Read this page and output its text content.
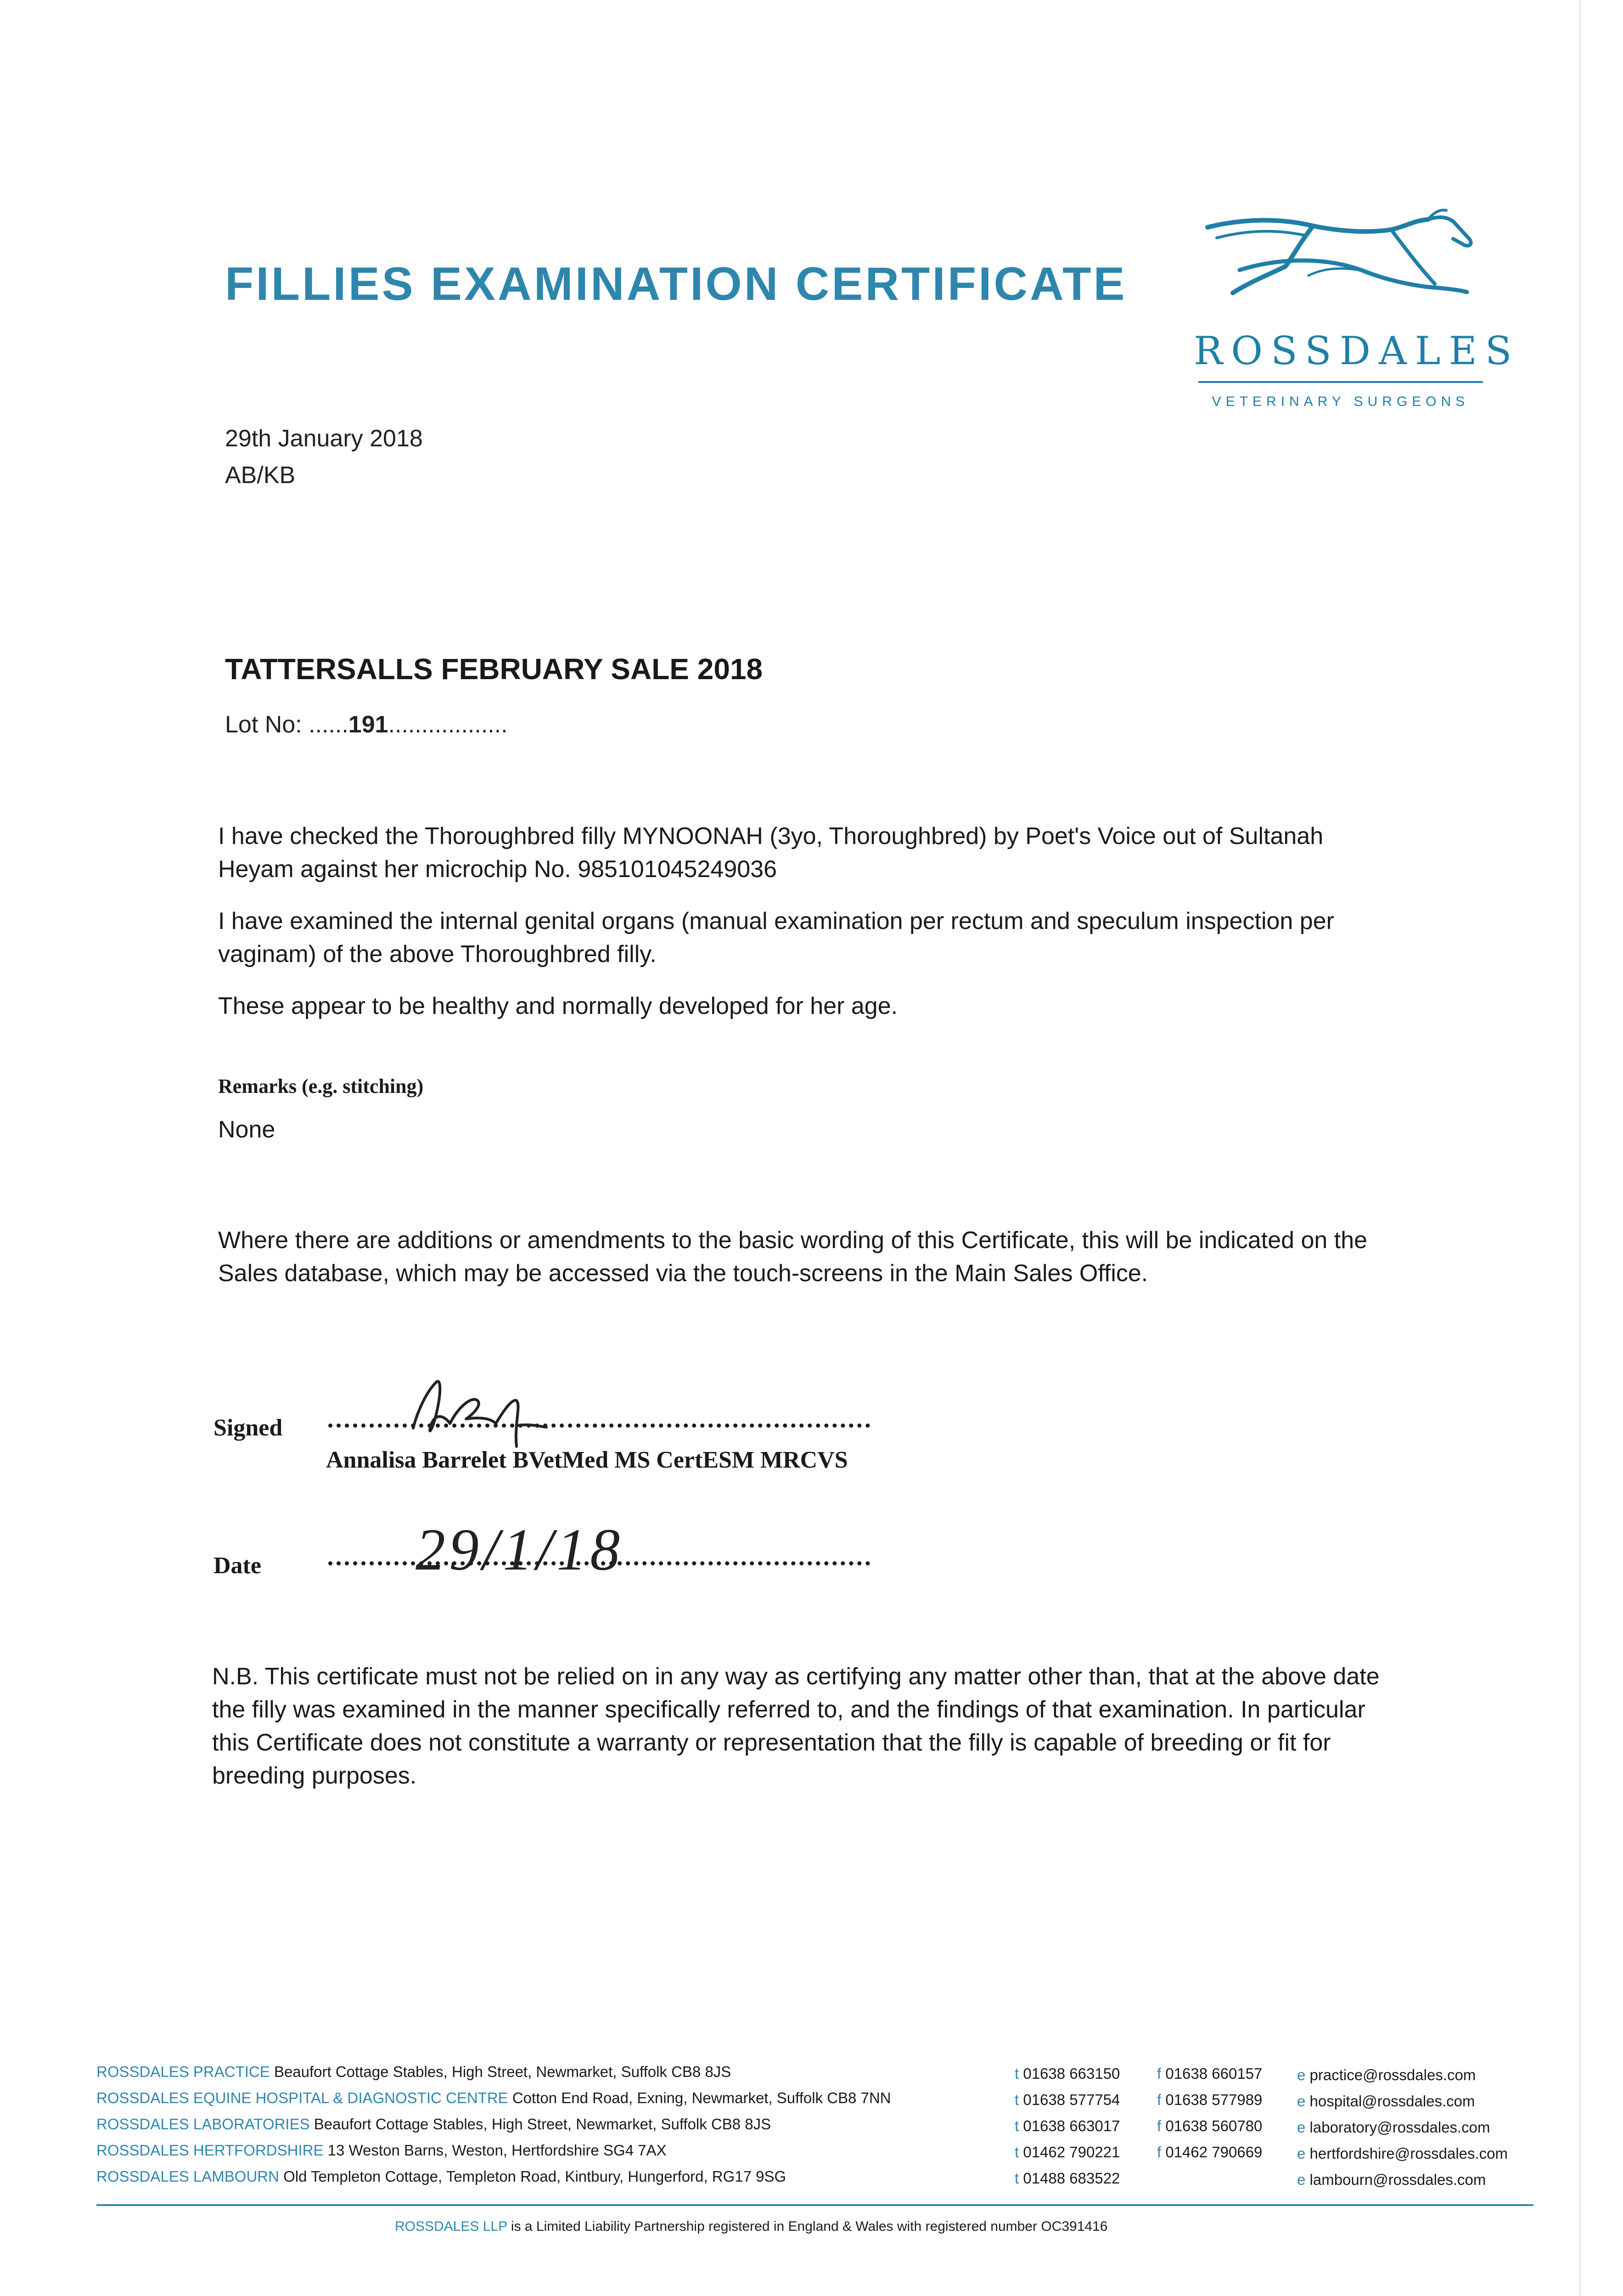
FILLIES EXAMINATION CERTIFICATE
ROSSDALES
VETERINARY SURGEONS
29th January 2018
AB/KB
TATTERSALLS FEBRUARY SALE 2018
Lot No: ......191..................
I have checked the Thoroughbred filly MYNOONAH (3yo, Thoroughbred) by Poet's Voice out of Sultanah Heyam against her microchip No. 985101045249036
I have examined the internal genital organs (manual examination per rectum and speculum inspection per vaginam) of the above Thoroughbred filly.
These appear to be healthy and normally developed for her age.
Remarks (e.g. stitching)
None
Where there are additions or amendments to the basic wording of this Certificate, this will be indicated on the Sales database, which may be accessed via the touch-screens in the Main Sales Office.
Signed
Annalisa Barrelet BVetMed MS CertESM MRCVS
Date	29/1/18
N.B. This certificate must not be relied on in any way as certifying any matter other than, that at the above date the filly was examined in the manner specifically referred to, and the findings of that examination. In particular this Certificate does not constitute a warranty or representation that the filly is capable of breeding or fit for breeding purposes.
ROSSDALES PRACTICE Beaufort Cottage Stables, High Street, Newmarket, Suffolk CB8 8JS
ROSSDALES EQUINE HOSPITAL & DIAGNOSTIC CENTRE Cotton End Road, Exning, Newmarket, Suffolk CB8 7NN
ROSSDALES LABORATORIES Beaufort Cottage Stables, High Street, Newmarket, Suffolk CB8 8JS
ROSSDALES HERTFORDSHIRE 13 Weston Barns, Weston, Hertfordshire SG4 7AX
ROSSDALES LAMBOURN Old Templeton Cottage, Templeton Road, Kintbury, Hungerford, RG17 9SG
t 01638 663150
t 01638 577754
t 01638 663017
t 01462 790221
t 01488 683522
f 01638 660157
f 01638 577989
f 01638 560780
f 01462 790669
e practice@rossdales.com
e hospital@rossdales.com
e laboratory@rossdales.com
e hertfordshire@rossdales.com
e lambourn@rossdales.com
ROSSDALES LLP is a Limited Liability Partnership registered in England & Wales with registered number OC391416
